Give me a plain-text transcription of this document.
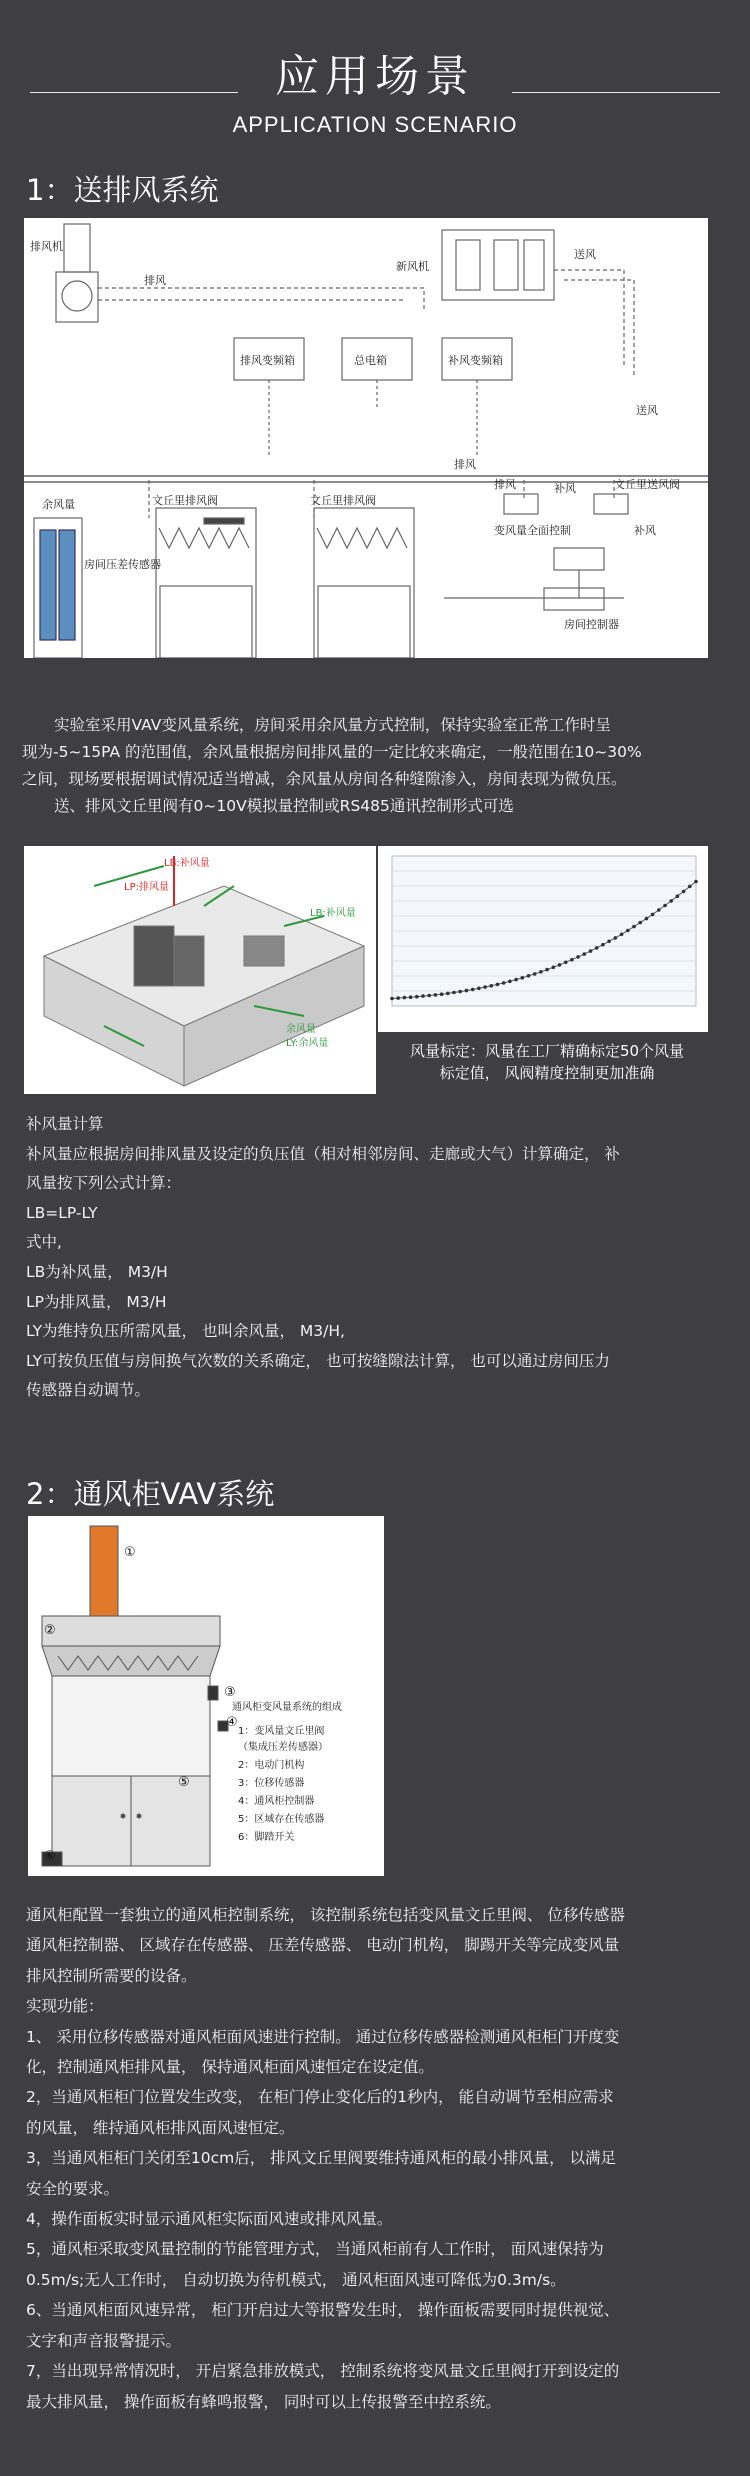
应用场景
APPLICATION SCENARIO
1：送排风系统
排风机
排风
新风机
送风
排风变频箱	总电箱	补风变频箱
送风
排风
余风量	文丘里排风阀	文丘里排风阀
排风	补风	文丘里送风阀
房间压差传感器
变风量全面控制
房间控制器
补风
实验室采用VAV变风量系统，房间采用余风量方式控制，保持实验室正常工作时呈
现为-5~15PA 的范围值，余风量根据房间排风量的一定比较来确定，一般范围在10~30%
之间，现场要根据调试情况适当增减，余风量从房间各种缝隙渗入，房间表现为微负压。
送、排风文丘里阀有0~10V模拟量控制或RS485通讯控制形式可选
LB:补风量
LP:排风量
LB:补风量
余风量
LY:余风量	风量标定：风量在工厂精确标定50个风量
标定值， 风阀精度控制更加准确
补风量计算
补风量应根据房间排风量及设定的负压值（相对相邻房间、走廊或大气）计算确定， 补
风量按下列公式计算：
LB=LP-LY
式中,
LB为补风量， M3/H
LP为排风量， M3/H
LY为维持负压所需风量， 也叫余风量， M3/H,
LY可按负压值与房间换气次数的关系确定， 也可按缝隙法计算， 也可以通过房间压力
传感器自动调节。
2：通风柜VAV系统
①
②
③
④
⑤
⑥
通风柜变风量系统的组成
1：变风量文丘里阀
（集成压差传感器）
2：电动门机构
3：位移传感器
4：通风柜控制器
5：区域存在传感器
6：脚踏开关
通风柜配置一套独立的通风柜控制系统， 该控制系统包括变风量文丘里阀、 位移传感器
通风柜控制器、 区域存在传感器、 压差传感器、 电动门机构， 脚踢开关等完成变风量
排风控制所需要的设备。
实现功能：
1、 采用位移传感器对通风柜面风速进行控制。 通过位移传感器检测通风柜柜门开度变
化，控制通风柜排风量， 保持通风柜面风速恒定在设定值。
2，当通风柜柜门位置发生改变， 在柜门停止变化后的1秒内， 能自动调节至相应需求
的风量， 维持通风柜排风面风速恒定。
3，当通风柜柜门关闭至10cm后， 排风文丘里阀要维持通风柜的最小排风量， 以满足
安全的要求。
4，操作面板实时显示通风柜实际面风速或排风风量。
5，通风柜采取变风量控制的节能管理方式， 当通风柜前有人工作时， 面风速保持为
0.5m/s;无人工作时， 自动切换为待机模式， 通风柜面风速可降低为0.3m/s。
6、当通风柜面风速异常， 柜门开启过大等报警发生时， 操作面板需要同时提供视觉、
文字和声音报警提示。
7，当出现异常情况时， 开启紧急排放模式， 控制系统将变风量文丘里阀打开到设定的
最大排风量， 操作面板有蜂鸣报警， 同时可以上传报警至中控系统。
